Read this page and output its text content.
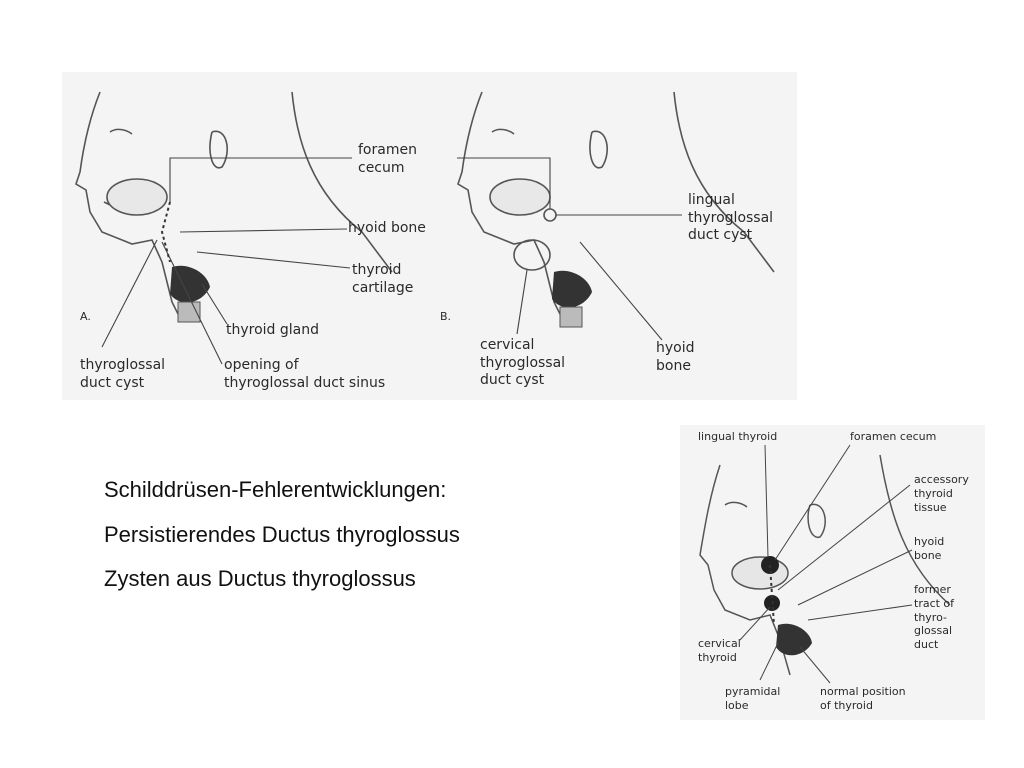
A.	B.
foramen
cecum
hyoid bone
thyroid
cartilage
thyroid gland
thyroglossal
duct cyst
opening of
thyroglossal duct sinus
lingual
thyroglossal
duct cyst
cervical
thyroglossal
duct cyst
hyoid
bone
Schilddrüsen-Fehlerentwicklungen:
Persistierendes Ductus thyroglossus
Zysten aus Ductus thyroglossus
lingual thyroid	foramen cecum
accessory
thyroid
tissue
hyoid
bone
former
tract of
thyro-
glossal
duct
cervical
thyroid
pyramidal
lobe
normal position
of thyroid
